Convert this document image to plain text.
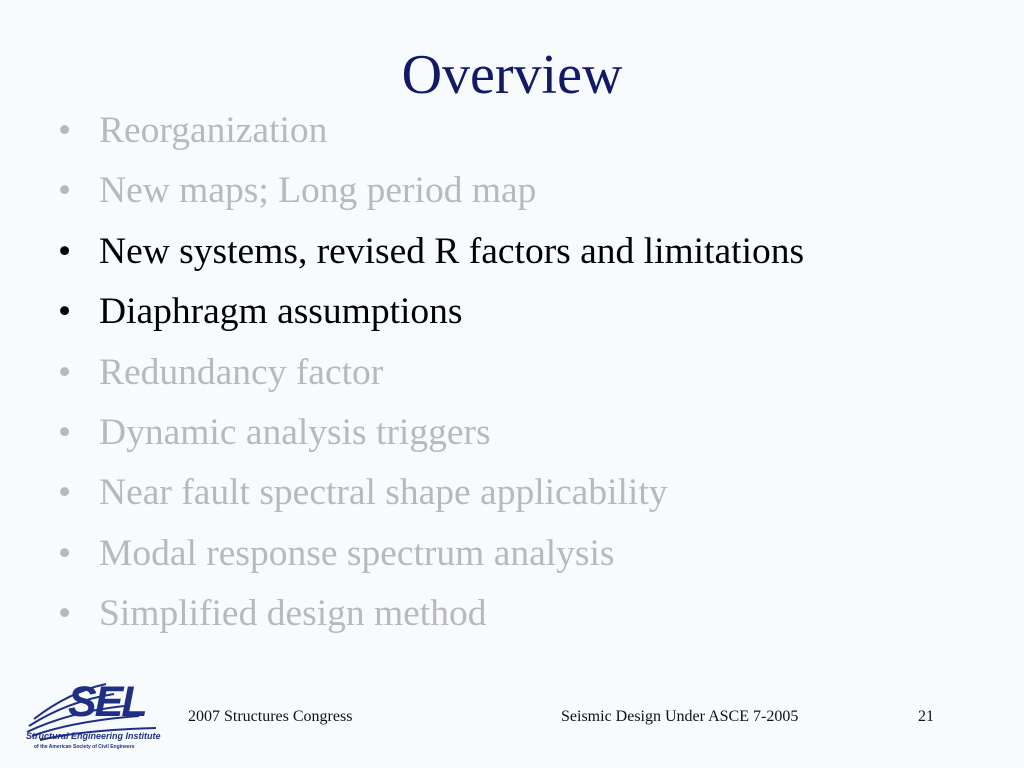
Overview
• Reorganization
• New maps; Long period map
• New systems, revised R factors and limitations
• Diaphragm assumptions
• Redundancy factor
• Dynamic analysis triggers
• Near fault spectral shape applicability
• Modal response spectrum analysis
• Simplified design method
SEL
Structural Engineering Institute
of the American Society of Civil Engineers
2007 Structures Congress	Seismic Design Under ASCE 7-2005	21
